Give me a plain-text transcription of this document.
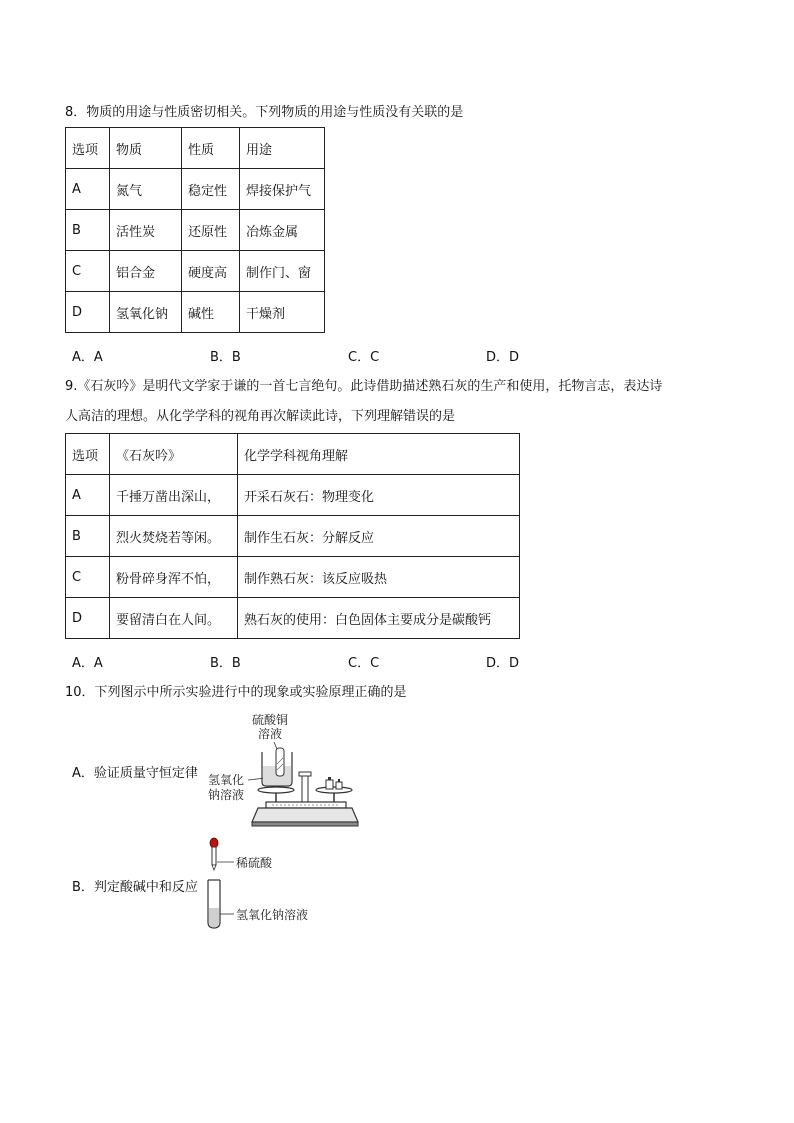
8．物质的用途与性质密切相关。下列物质的用途与性质没有关联的是
选项	物质	性质	用途
A	氮气	稳定性	焊接保护气
B	活性炭	还原性	冶炼金属
C	铝合金	硬度高	制作门、窗
D	氢氧化钠	碱性	干燥剂
A．A	B．B	C．C	D．D
9.《石灰吟》是明代文学家于谦的一首七言绝句。此诗借助描述熟石灰的生产和使用，托物言志，表达诗
人高洁的理想。从化学学科的视角再次解读此诗，下列理解错误的是
选项	《石灰吟》	化学学科视角理解
A	千捶万凿出深山，	开采石灰石：物理变化
B	烈火焚烧若等闲。	制作生石灰：分解反应
C	粉骨碎身浑不怕，	制作熟石灰：该反应吸热
D	要留清白在人间。	熟石灰的使用：白色固体主要成分是碳酸钙
A．A	B．B	C．C	D．D
10．下列图示中所示实验进行中的现象或实验原理正确的是
A．验证质量守恒定律
硫酸铜
溶液
氢氧化
钠溶液
B．判定酸碱中和反应
稀硫酸
氢氧化钠溶液
